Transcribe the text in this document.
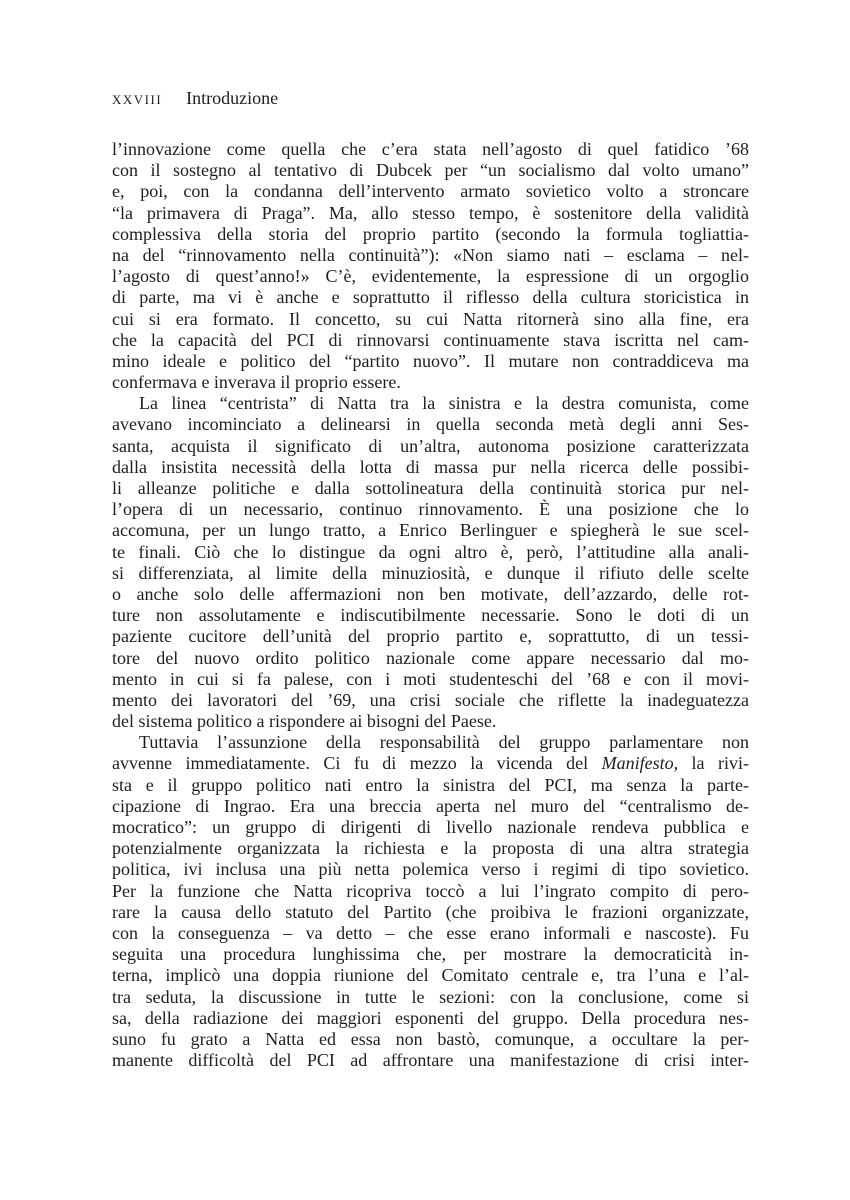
xxviii Introduzione
l’innovazione come quella che c’era stata nell’agosto di quel fatidico ’68
con il sostegno al tentativo di Dubcek per “un socialismo dal volto umano”
e, poi, con la condanna dell’intervento armato sovietico volto a stroncare
“la primavera di Praga”. Ma, allo stesso tempo, è sostenitore della validità
complessiva della storia del proprio partito (secondo la formula togliattia-
na del “rinnovamento nella continuità”): «Non siamo nati – esclama – nel-
l’agosto di quest’anno!» C’è, evidentemente, la espressione di un orgoglio
di parte, ma vi è anche e soprattutto il riflesso della cultura storicistica in
cui si era formato. Il concetto, su cui Natta ritornerà sino alla fine, era
che la capacità del PCI di rinnovarsi continuamente stava iscritta nel cam-
mino ideale e politico del “partito nuovo”. Il mutare non contraddiceva ma
confermava e inverava il proprio essere.
La linea “centrista” di Natta tra la sinistra e la destra comunista, come
avevano incominciato a delinearsi in quella seconda metà degli anni Ses-
santa, acquista il significato di un’altra, autonoma posizione caratterizzata
dalla insistita necessità della lotta di massa pur nella ricerca delle possibi-
li alleanze politiche e dalla sottolineatura della continuità storica pur nel-
l’opera di un necessario, continuo rinnovamento. È una posizione che lo
accomuna, per un lungo tratto, a Enrico Berlinguer e spiegherà le sue scel-
te finali. Ciò che lo distingue da ogni altro è, però, l’attitudine alla anali-
si differenziata, al limite della minuziosità, e dunque il rifiuto delle scelte
o anche solo delle affermazioni non ben motivate, dell’azzardo, delle rot-
ture non assolutamente e indiscutibilmente necessarie. Sono le doti di un
paziente cucitore dell’unità del proprio partito e, soprattutto, di un tessi-
tore del nuovo ordito politico nazionale come appare necessario dal mo-
mento in cui si fa palese, con i moti studenteschi del ’68 e con il movi-
mento dei lavoratori del ’69, una crisi sociale che riflette la inadeguatezza
del sistema politico a rispondere ai bisogni del Paese.
Tuttavia l’assunzione della responsabilità del gruppo parlamentare non
avvenne immediatamente. Ci fu di mezzo la vicenda del Manifesto, la rivi-
sta e il gruppo politico nati entro la sinistra del PCI, ma senza la parte-
cipazione di Ingrao. Era una breccia aperta nel muro del “centralismo de-
mocratico”: un gruppo di dirigenti di livello nazionale rendeva pubblica e
potenzialmente organizzata la richiesta e la proposta di una altra strategia
politica, ivi inclusa una più netta polemica verso i regimi di tipo sovietico.
Per la funzione che Natta ricopriva toccò a lui l’ingrato compito di pero-
rare la causa dello statuto del Partito (che proibiva le frazioni organizzate,
con la conseguenza – va detto – che esse erano informali e nascoste). Fu
seguita una procedura lunghissima che, per mostrare la democraticità in-
terna, implicò una doppia riunione del Comitato centrale e, tra l’una e l’al-
tra seduta, la discussione in tutte le sezioni: con la conclusione, come si
sa, della radiazione dei maggiori esponenti del gruppo. Della procedura nes-
suno fu grato a Natta ed essa non bastò, comunque, a occultare la per-
manente difficoltà del PCI ad affrontare una manifestazione di crisi inter-
